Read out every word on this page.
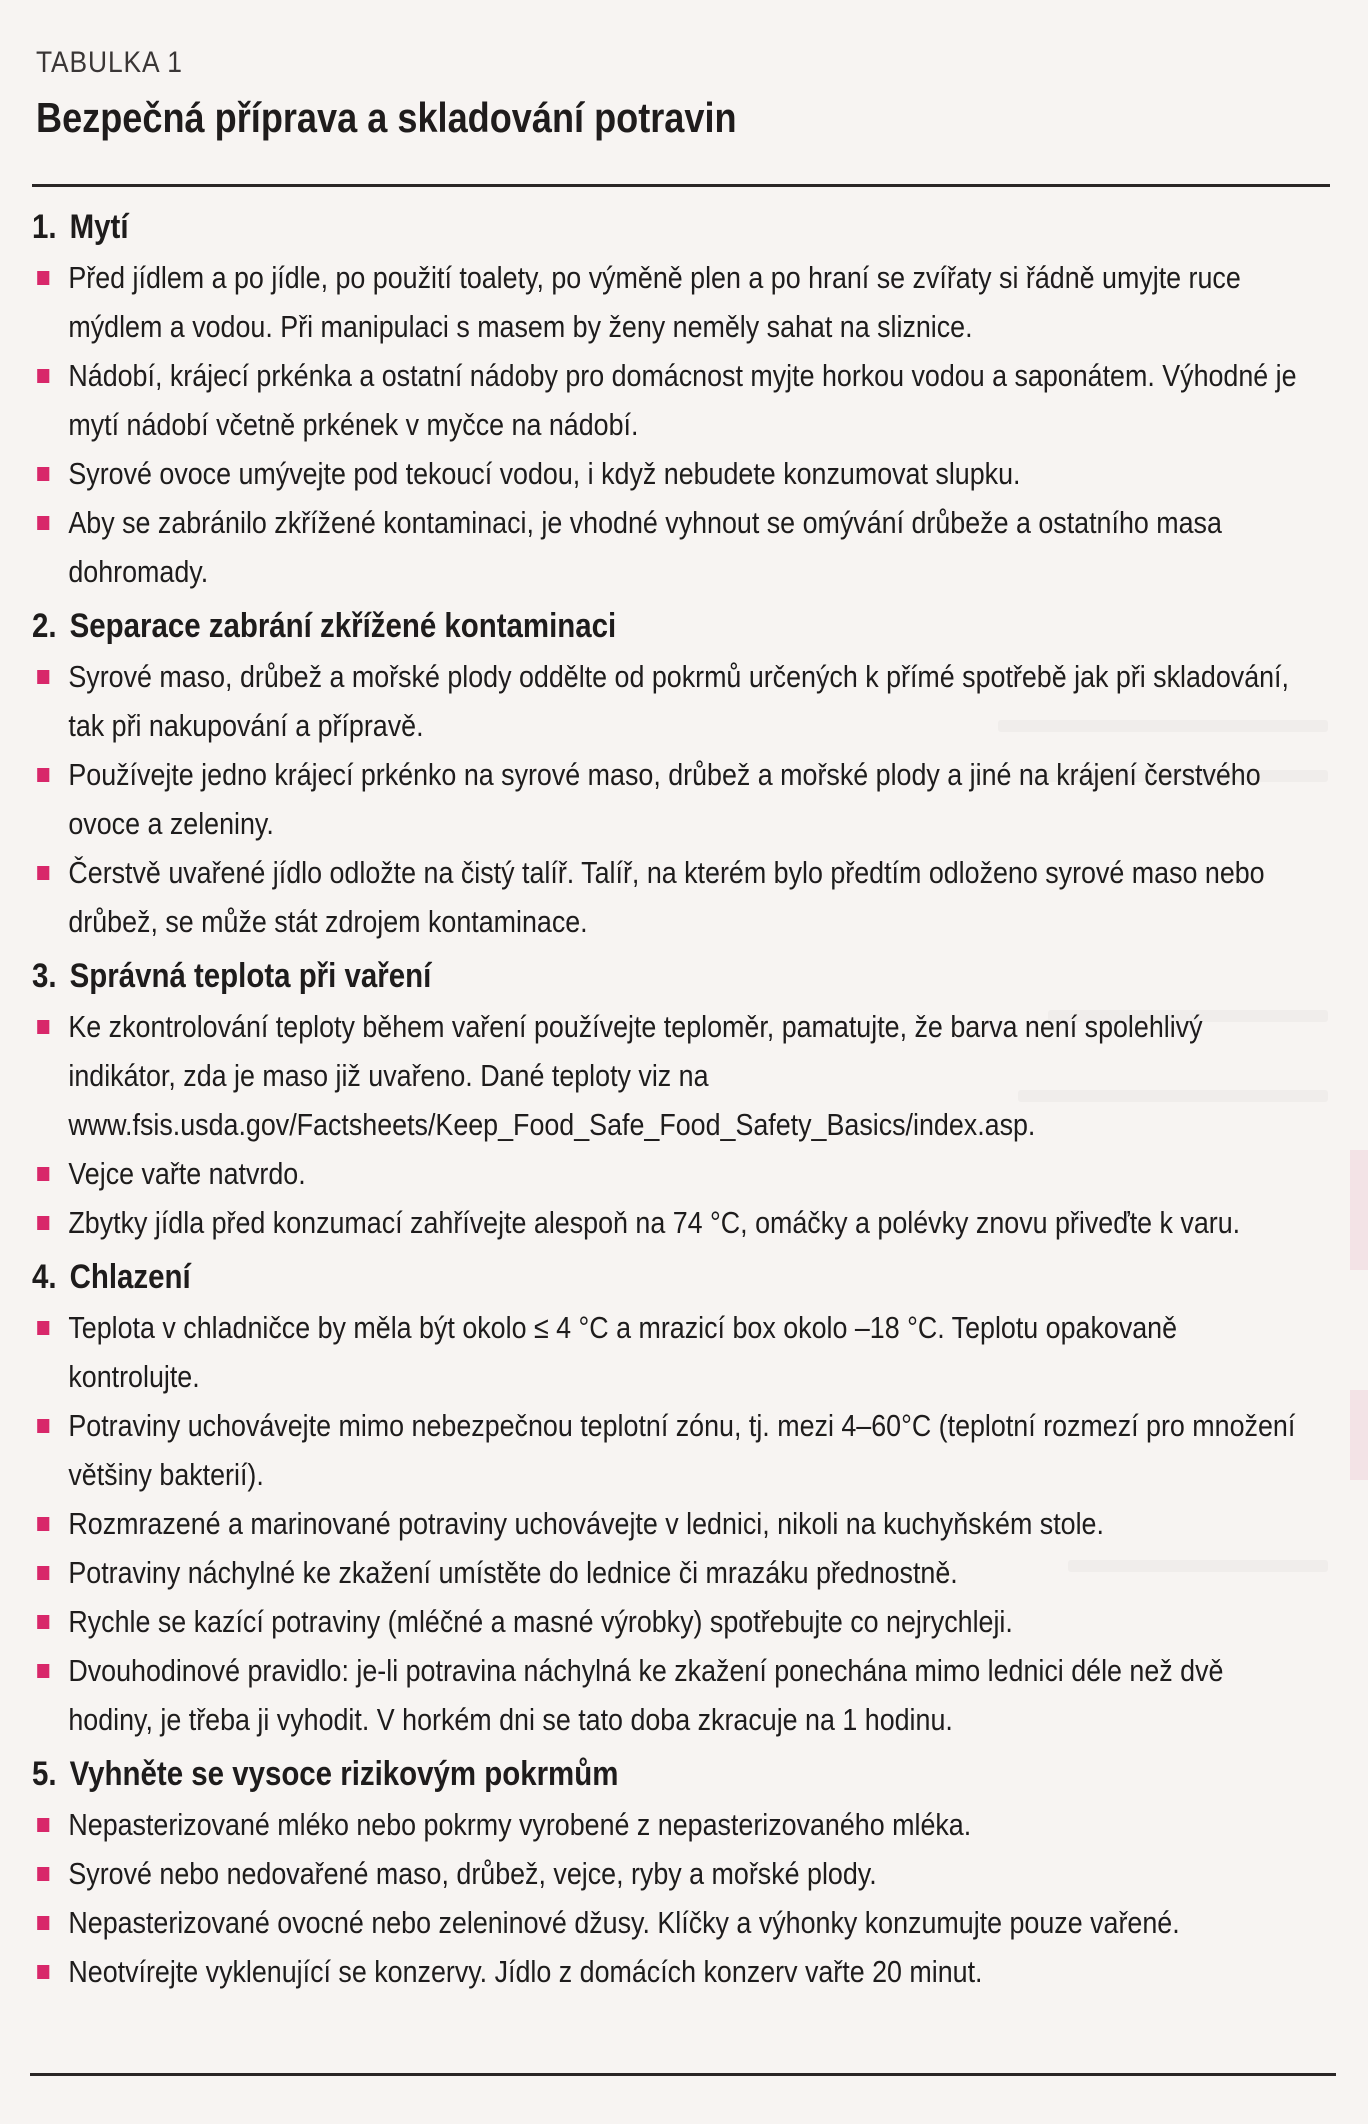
TABULKA 1
Bezpečná příprava a skladování potravin
1. Mytí
Před jídlem a po jídle, po použití toalety, po výměně plen a po hraní se zvířaty si řádně umyjte ruce mýdlem a vodou. Při manipulaci s masem by ženy neměly sahat na sliznice.
Nádobí, krájecí prkénka a ostatní nádoby pro domácnost myjte horkou vodou a saponátem. Výhodné je mytí nádobí včetně prkének v myčce na nádobí.
Syrové ovoce umývejte pod tekoucí vodou, i když nebudete konzumovat slupku.
Aby se zabránilo zkřížené kontaminaci, je vhodné vyhnout se omývání drůbeže a ostatního masa dohromady.
2. Separace zabrání zkřížené kontaminaci
Syrové maso, drůbež a mořské plody oddělte od pokrmů určených k přímé spotřebě jak při skladování, tak při nakupování a přípravě.
Používejte jedno krájecí prkénko na syrové maso, drůbež a mořské plody a jiné na krájení čerstvého ovoce a zeleniny.
Čerstvě uvařené jídlo odložte na čistý talíř. Talíř, na kterém bylo předtím odloženo syrové maso nebo drůbež, se může stát zdrojem kontaminace.
3. Správná teplota při vaření
Ke zkontrolování teploty během vaření používejte teploměr, pamatujte, že barva není spolehlivý indikátor, zda je maso již uvařeno. Dané teploty viz na www.fsis.usda.gov/Factsheets/Keep_Food_Safe_Food_Safety_Basics/index.asp.
Vejce vařte natvrdo.
Zbytky jídla před konzumací zahřívejte alespoň na 74 °C, omáčky a polévky znovu přiveďte k varu.
4. Chlazení
Teplota v chladničce by měla být okolo ≤ 4 °C a mrazicí box okolo –18 °C. Teplotu opakovaně kontrolujte.
Potraviny uchovávejte mimo nebezpečnou teplotní zónu, tj. mezi 4–60°C (teplotní rozmezí pro množení většiny bakterií).
Rozmrazené a marinované potraviny uchovávejte v lednici, nikoli na kuchyňském stole.
Potraviny náchylné ke zkažení umístěte do lednice či mrazáku přednostně.
Rychle se kazící potraviny (mléčné a masné výrobky) spotřebujte co nejrychleji.
Dvouhodinové pravidlo: je-li potravina náchylná ke zkažení ponechána mimo lednici déle než dvě hodiny, je třeba ji vyhodit. V horkém dni se tato doba zkracuje na 1 hodinu.
5. Vyhněte se vysoce rizikovým pokrmům
Nepasterizované mléko nebo pokrmy vyrobené z nepasterizovaného mléka.
Syrové nebo nedovařené maso, drůbež, vejce, ryby a mořské plody.
Nepasterizované ovocné nebo zeleninové džusy. Klíčky a výhonky konzumujte pouze vařené.
Neotvírejte vyklenující se konzervy. Jídlo z domácích konzerv vařte 20 minut.
